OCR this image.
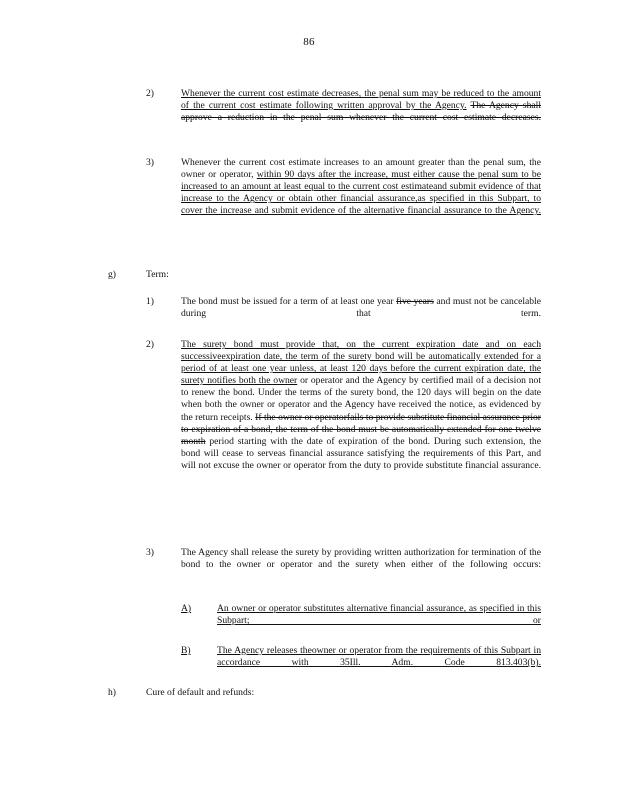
86
2)	Whenever the current cost estimate decreases, the penal sum may be reduced to the amount of the current cost estimate following written approval by the Agency. The Agency shall approve a reduction in the penal sum whenever the current cost estimate decreases.
3)	Whenever the current cost estimate increases to an amount greater than the penal sum, the owner or operator, within 90 days after the increase, must either cause the penal sum to be increased to an amount at least equal to the current cost estimateand submit evidence of that increase to the Agency or obtain other financial assurance,as specified in this Subpart, to cover the increase and submit evidence of the alternative financial assurance to the Agency.
g)	Term:
1)	The bond must be issued for a term of at least one year five years and must not be cancelable during that term.
2)	The surety bond must provide that, on the current expiration date and on each successiveexpiration date, the term of the surety bond will be automatically extended for a period of at least one year unless, at least 120 days before the current expiration date, the surety notifies both the owner or operator and the Agency by certified mail of a decision not to renew the bond. Under the terms of the surety bond, the 120 days will begin on the date when both the owner or operator and the Agency have received the notice, as evidenced by the return receipts. If the owner or operatorfails to provide substitute financial assurance prior to expiration of a bond, the term of the bond must be automatically extended for one twelve month period starting with the date of expiration of the bond. During such extension, the bond will cease to serveas financial assurance satisfying the requirements of this Part, and will not excuse the owner or operator from the duty to provide substitute financial assurance.
3)	The Agency shall release the surety by providing written authorization for termination of the bond to the owner or operator and the surety when either of the following occurs:
A)	An owner or operator substitutes alternative financial assurance, as specified in this Subpart; or
B)	The Agency releases theowner or operator from the requirements of this Subpart in accordance with 35Ill. Adm. Code 813.403(b).
h)	Cure of default and refunds:
